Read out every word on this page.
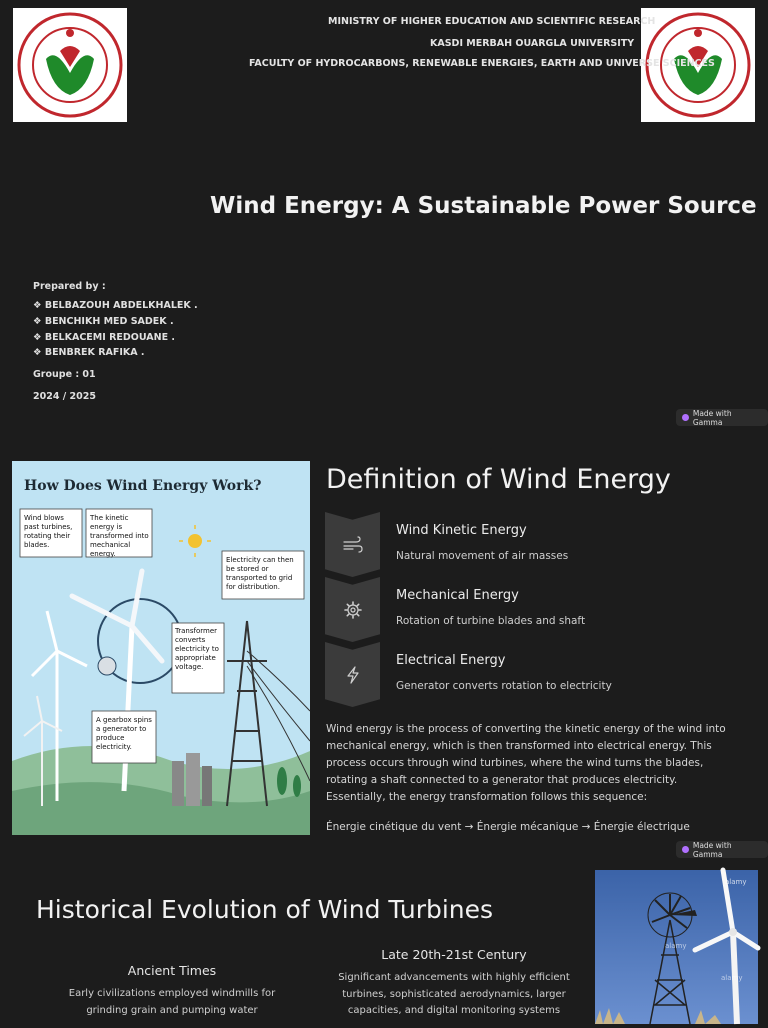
MINISTRY OF HIGHER EDUCATION AND SCIENTIFIC RESEARCH
KASDI MERBAH OUARGLA UNIVERSITY
FACULTY OF HYDROCARBONS, RENEWABLE ENERGIES, EARTH AND UNIVERSE SCIENCES
Wind Energy: A Sustainable Power Source
Prepared by :
❖ BELBAZOUH ABDELKHALEK .
❖ BENCHIKH MED SADEK .
❖ BELKACEMI REDOUANE .
❖ BENBREK RAFIKA .
Groupe : 01
2024 / 2025
Made with Gamma
How Does Wind Energy Work?
Wind blows past turbines, rotating their blades.
The kinetic energy is transformed into mechanical energy.
Electricity can then be stored or transported to grid for distribution.
Transformer converts electricity to appropriate voltage.
A gearbox spins a generator to produce electricity.
Definition of Wind Energy
Wind Kinetic Energy
Natural movement of air masses
Mechanical Energy
Rotation of turbine blades and shaft
Electrical Energy
Generator converts rotation to electricity
Wind energy is the process of converting the kinetic energy of the wind into mechanical energy, which is then transformed into electrical energy. This process occurs through wind turbines, where the wind turns the blades, rotating a shaft connected to a generator that produces electricity. Essentially, the energy transformation follows this sequence:
Énergie cinétique du vent → Énergie mécanique → Énergie électrique
Made with Gamma
Historical Evolution of Wind Turbines
Late 20th-21st Century
Significant advancements with highly efficient turbines, sophisticated aerodynamics, larger capacities, and digital monitoring systems
Ancient Times
Early civilizations employed windmills for grinding grain and pumping water
alamy
alamy
alamy
